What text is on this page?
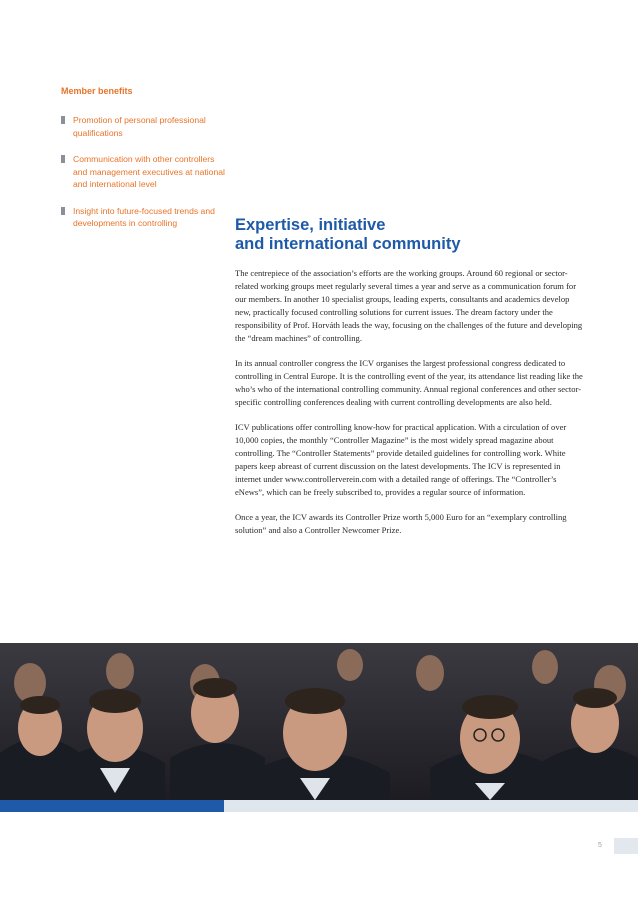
Member benefits
Promotion of personal professional qualifications
Communication with other controllers and management executives at national and international level
Insight into future-focused trends and developments in controlling	Expertise, initiative
and international community

The centrepiece of the association’s efforts are the working groups. Around 60 regional or sector-related working groups meet regularly several times a year and serve as a communication forum for our members. In another 10 specialist groups, leading experts, consultants and academics develop new, practically focused controlling solutions for current issues. The dream factory under the responsibility of Prof. Horváth leads the way, focusing on the challenges of the future and developing the “dream machines” of controlling.

In its annual controller congress the ICV organises the largest professional congress dedicated to controlling in Central Europe. It is the controlling event of the year, its attendance list reading like the who’s who of the international controlling community. Annual regional conferences and other sector-specific controlling conferences dealing with current controlling developments are also held.

ICV publications offer controlling know-how for practical application. With a circulation of over 10,000 copies, the monthly “Controller Magazine” is the most widely spread magazine about controlling. The “Controller Statements” provide detailed guidelines for controlling work. White papers keep abreast of current discussion on the latest developments. The ICV is represented in internet under www.controllerverein.com with a detailed range of offerings. The “Controller’s eNews”, which can be freely subscribed to, provides a regular source of information.

Once a year, the ICV awards its Controller Prize worth 5,000 Euro for an “exemplary controlling solution” and also a Controller Newcomer Prize.

5
